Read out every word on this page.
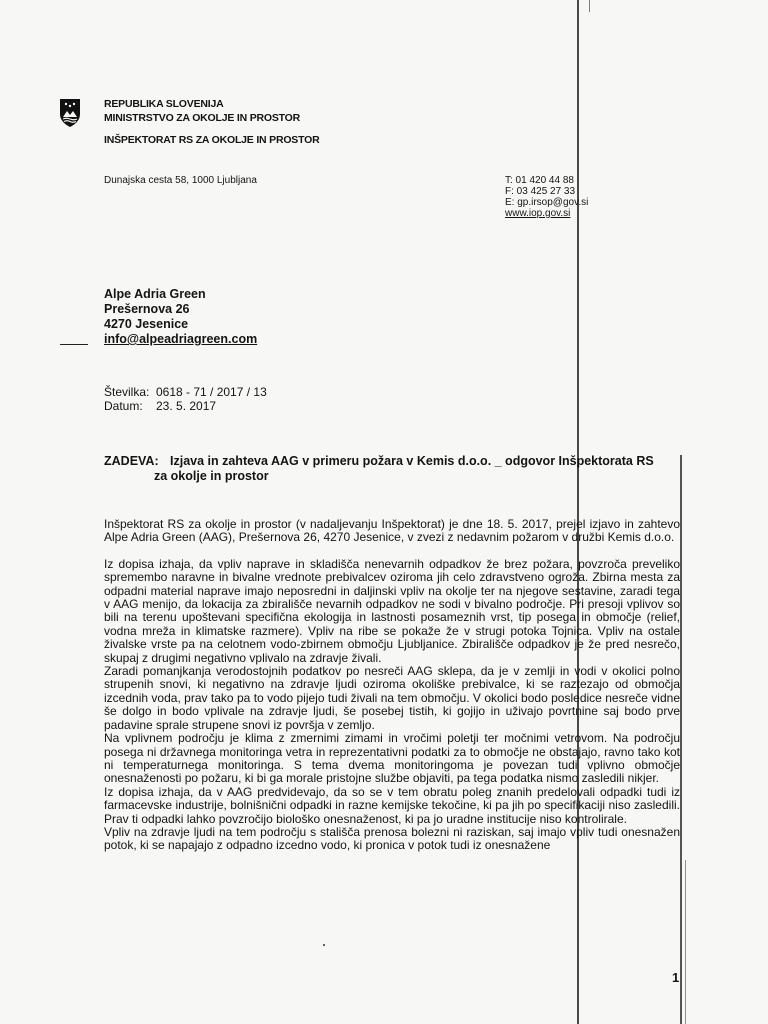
REPUBLIKA SLOVENIJA
MINISTRSTVO ZA OKOLJE IN PROSTOR
INŠPEKTORAT RS ZA OKOLJE IN PROSTOR
Dunajska cesta 58, 1000 Ljubljana	T: 01 420 44 88
F: 03 425 27 33
E: gp.irsop@gov.si
www.iop.gov.si
Alpe Adria Green
Prešernova 26
4270 Jesenice
info@alpeadriagreen.com
Številka: 0618 - 71 / 2017 / 13
Datum:	23. 5. 2017
ZADEVA: Izjava in zahteva AAG v primeru požara v Kemis d.o.o. _ odgovor Inšpektorata RS
za okolje in prostor

Inšpektorat RS za okolje in prostor (v nadaljevanju Inšpektorat) je dne 18. 5. 2017, prejel izjavo in zahtevo Alpe Adria Green (AAG), Prešernova 26, 4270 Jesenice, v zvezi z nedavnim požarom v družbi Kemis d.o.o.

Iz dopisa izhaja, da vpliv naprave in skladišča nenevarnih odpadkov že brez požara, povzroča preveliko spremembo naravne in bivalne vrednote prebivalcev oziroma jih celo zdravstveno ogroža. Zbirna mesta za odpadni material naprave imajo neposredni in daljinski vpliv na okolje ter na njegove sestavine, zaradi tega v AAG menijo, da lokacija za zbirališče nevarnih odpadkov ne sodi v bivalno področje. Pri presoji vplivov so bili na terenu upoštevani specifična ekologija in lastnosti posameznih vrst, tip posega in območje (relief, vodna mreža in klimatske razmere). Vpliv na ribe se pokaže že v strugi potoka Tojnica. Vpliv na ostale živalske vrste pa na celotnem vodo-zbirnem območju Ljubljanice. Zbirališče odpadkov je že pred nesrečo, skupaj z drugimi negativno vplivalo na zdravje živali.

Zaradi pomanjkanja verodostojnih podatkov po nesreči AAG sklepa, da je v zemlji in vodi v okolici polno strupenih snovi, ki negativno na zdravje ljudi oziroma okoliške prebivalce, ki se raztezajo od območja izcednih voda, prav tako pa to vodo pijejo tudi živali na tem območju. V okolici bodo posledice nesreče vidne še dolgo in bodo vplivale na zdravje ljudi, še posebej tistih, ki gojijo in uživajo povrtnine saj bodo prve padavine sprale strupene snovi iz površja v zemljo.

Na vplivnem področju je klima z zmernimi zimami in vročimi poletji ter močnimi vetrovom. Na področju posega ni državnega monitoringa vetra in reprezentativni podatki za to območje ne obstajajo, ravno tako kot ni temperaturnega monitoringa. S tema dvema monitoringoma je povezan tudi vplivno območje onesnaženosti po požaru, ki bi ga morale pristojne službe objaviti, pa tega podatka nismo zasledili nikjer.

Iz dopisa izhaja, da v AAG predvidevajo, da so se v tem obratu poleg znanih predelovali odpadki tudi iz farmacevske industrije, bolnišnični odpadki in razne kemijske tekočine, ki pa jih po specifikaciji niso zasledili. Prav ti odpadki lahko povzročijo biološko onesnaženost, ki pa jo uradne institucije niso kontrolirale.

Vpliv na zdravje ljudi na tem področju s stališča prenosa bolezni ni raziskan, saj imajo vpliv tudi onesnažen potok, ki se napajajo z odpadno izcedno vodo, ki pronica v potok tudi iz onesnažene

1
